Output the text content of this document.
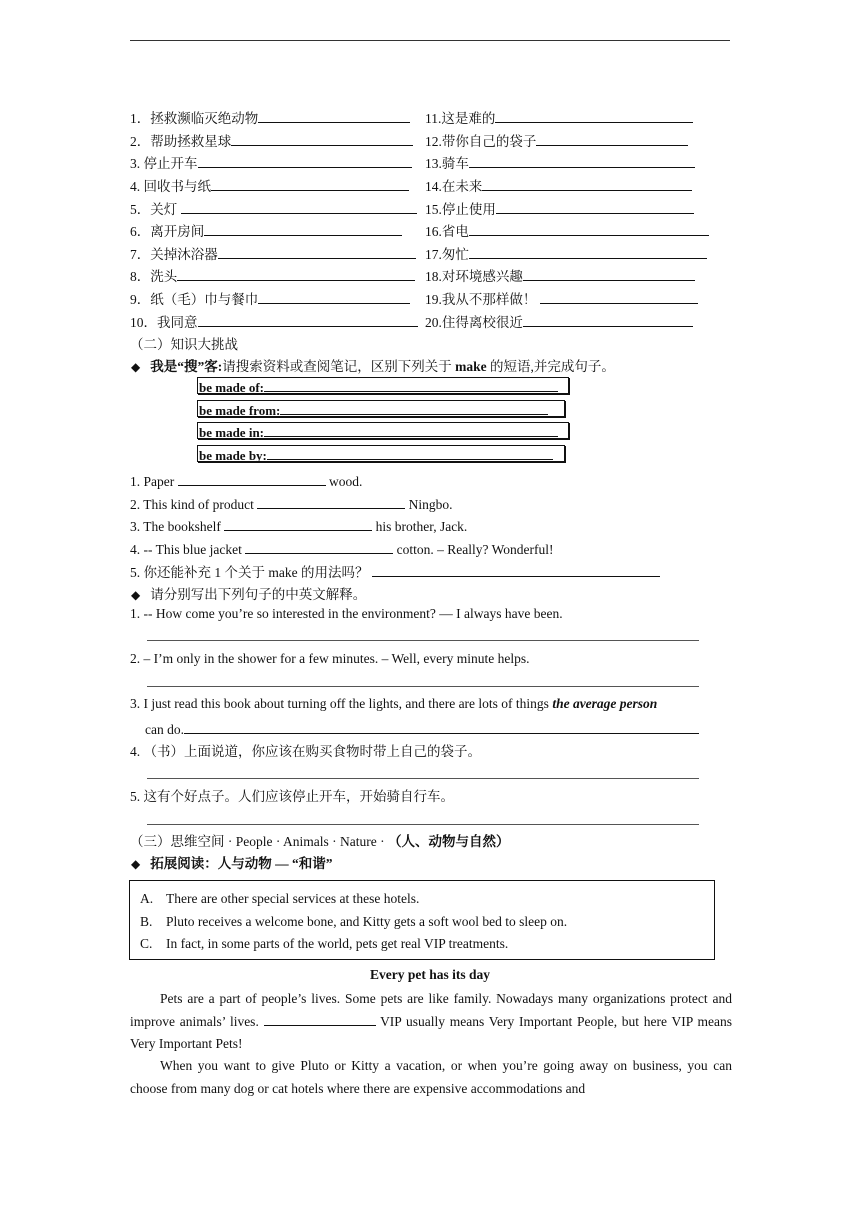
1．拯救濒临灭绝动物	11.这是难的
2．帮助拯救星球	12.带你自己的袋子
3. 停止开车	13.骑车
4. 回收书与纸	14.在未来
5．关灯	15.停止使用
6．离开房间	16.省电
7．关掉沐浴器	17.匆忙
8．洗头	18.对环境感兴趣
9．纸（毛）巾与餐巾	19.我从不那样做！
10．我同意	20.住得离校很近
（二）知识大挑战
◆ 我是“搜”客:请搜索资料或查阅笔记，区别下列关于 make 的短语,并完成句子。
be made of:
be made from:
be made in:
be made by:
1. Paper	wood.
2. This kind of product	Ningbo.
3. The bookshelf	his brother, Jack.
4. -- This blue jacket	cotton. – Really? Wonderful!
5. 你还能补充 1 个关于 make 的用法吗？
◆ 请分别写出下列句子的中英文解释。
1. -- How come you’re so interested in the environment? — I always have been.
2. – I’m only in the shower for a few minutes. – Well, every minute helps.
3. I just read this book about turning off the lights, and there are lots of things the average person
can do.
4. （书）上面说道，你应该在购买食物时带上自己的袋子。
5. 这有个好点子。人们应该停止开车，开始骑自行车。
（三）思维空间 · People · Animals · Nature · （人、动物与自然）
◆ 拓展阅读：人与动物 — “和谐”
A. There are other special services at these hotels.
B. Pluto receives a welcome bone, and Kitty gets a soft wool bed to sleep on.
C. In fact, in some parts of the world, pets get real VIP treatments.
Every pet has its day
Pets are a part of people’s lives. Some pets are like family. Nowadays many organizations protect and improve animals’ lives.	VIP usually means Very Important People, but here VIP means Very Important Pets!
When you want to give Pluto or Kitty a vacation, or when you’re going away on business, you can choose from many dog or cat hotels where there are expensive accommodations and
